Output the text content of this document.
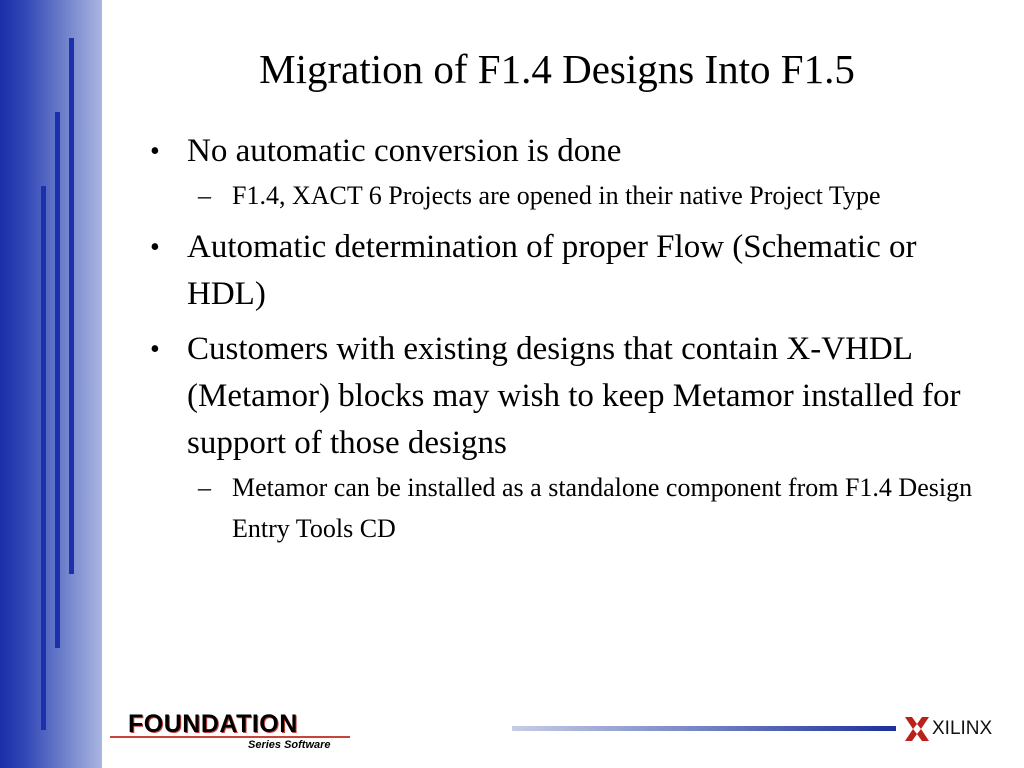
Migration of F1.4 Designs Into F1.5
• No automatic conversion is done
– F1.4, XACT 6 Projects are opened in their native Project Type
• Automatic determination of proper Flow (Schematic or HDL)
• Customers with existing designs that contain X-VHDL (Metamor) blocks may wish to keep Metamor installed for support of those designs
– Metamor can be installed as a standalone component from F1.4 Design Entry Tools CD
FOUNDATION
Series Software
XILINX
